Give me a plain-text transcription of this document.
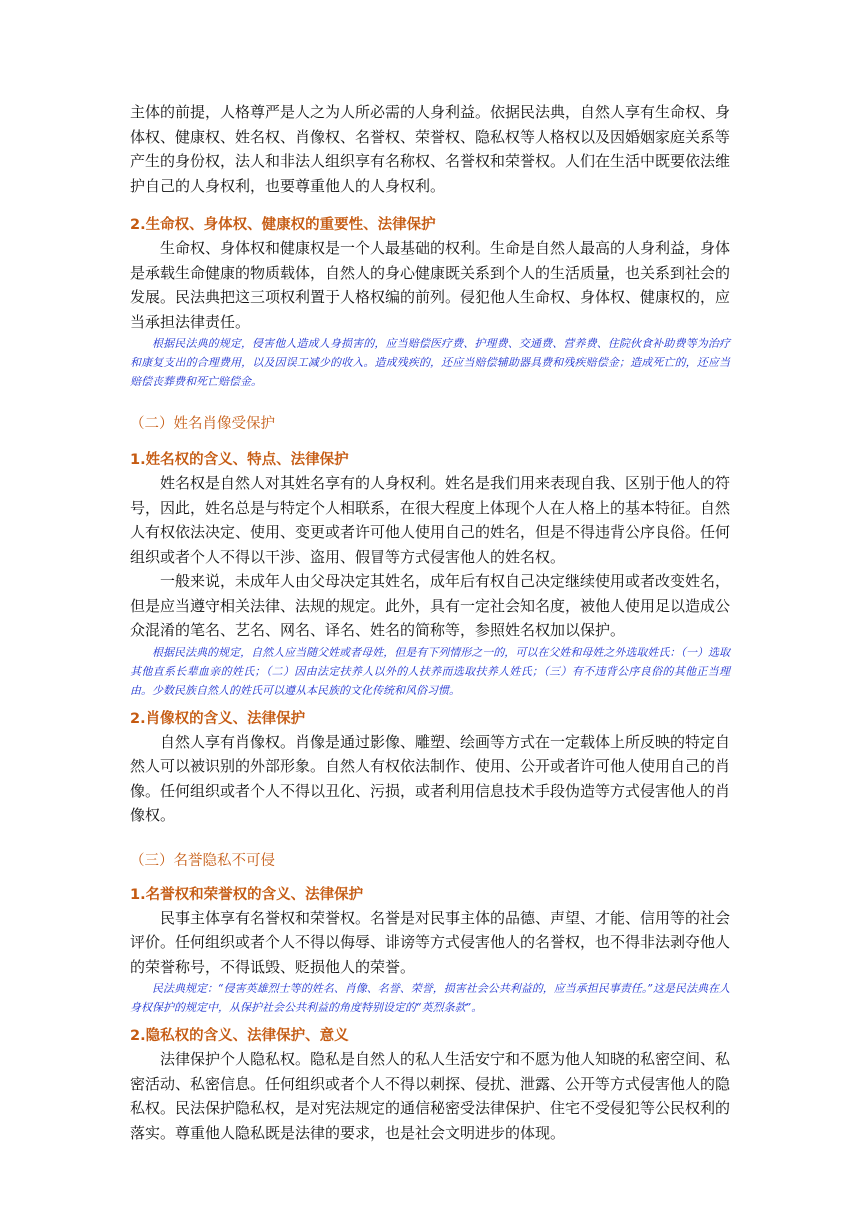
主体的前提，人格尊严是人之为人所必需的人身利益。依据民法典，自然人享有生命权、身体权、健康权、姓名权、肖像权、名誉权、荣誉权、隐私权等人格权以及因婚姻家庭关系等产生的身份权，法人和非法人组织享有名称权、名誉权和荣誉权。人们在生活中既要依法维护自己的人身权利，也要尊重他人的人身权利。

2.生命权、身体权、健康权的重要性、法律保护

生命权、身体权和健康权是一个人最基础的权利。生命是自然人最高的人身利益，身体是承载生命健康的物质载体，自然人的身心健康既关系到个人的生活质量，也关系到社会的发展。民法典把这三项权利置于人格权编的前列。侵犯他人生命权、身体权、健康权的，应当承担法律责任。

根据民法典的规定，侵害他人造成人身损害的，应当赔偿医疗费、护理费、交通费、营养费、住院伙食补助费等为治疗和康复支出的合理费用，以及因误工减少的收入。造成残疾的，还应当赔偿辅助器具费和残疾赔偿金；造成死亡的，还应当赔偿丧葬费和死亡赔偿金。

（二）姓名肖像受保护

1.姓名权的含义、特点、法律保护

姓名权是自然人对其姓名享有的人身权利。姓名是我们用来表现自我、区别于他人的符号，因此，姓名总是与特定个人相联系，在很大程度上体现个人在人格上的基本特征。自然人有权依法决定、使用、变更或者许可他人使用自己的姓名，但是不得违背公序良俗。任何组织或者个人不得以干涉、盗用、假冒等方式侵害他人的姓名权。

一般来说，未成年人由父母决定其姓名，成年后有权自己决定继续使用或者改变姓名，但是应当遵守相关法律、法规的规定。此外，具有一定社会知名度，被他人使用足以造成公众混淆的笔名、艺名、网名、译名、姓名的简称等，参照姓名权加以保护。

根据民法典的规定，自然人应当随父姓或者母姓，但是有下列情形之一的，可以在父姓和母姓之外选取姓氏：（一）选取其他直系长辈血亲的姓氏；（二）因由法定扶养人以外的人扶养而选取扶养人姓氏；（三）有不违背公序良俗的其他正当理由。少数民族自然人的姓氏可以遵从本民族的文化传统和风俗习惯。

2.肖像权的含义、法律保护

自然人享有肖像权。肖像是通过影像、雕塑、绘画等方式在一定载体上所反映的特定自然人可以被识别的外部形象。自然人有权依法制作、使用、公开或者许可他人使用自己的肖像。任何组织或者个人不得以丑化、污损，或者利用信息技术手段伪造等方式侵害他人的肖像权。

（三）名誉隐私不可侵

1.名誉权和荣誉权的含义、法律保护

民事主体享有名誉权和荣誉权。名誉是对民事主体的品德、声望、才能、信用等的社会评价。任何组织或者个人不得以侮辱、诽谤等方式侵害他人的名誉权，也不得非法剥夺他人的荣誉称号，不得诋毁、贬损他人的荣誉。

民法典规定：“侵害英雄烈士等的姓名、肖像、名誉、荣誉，损害社会公共利益的，应当承担民事责任。”这是民法典在人身权保护的规定中，从保护社会公共利益的角度特别设定的“英烈条款”。

2.隐私权的含义、法律保护、意义

法律保护个人隐私权。隐私是自然人的私人生活安宁和不愿为他人知晓的私密空间、私密活动、私密信息。任何组织或者个人不得以刺探、侵扰、泄露、公开等方式侵害他人的隐私权。民法保护隐私权，是对宪法规定的通信秘密受法律保护、住宅不受侵犯等公民权利的落实。尊重他人隐私既是法律的要求，也是社会文明进步的体现。
